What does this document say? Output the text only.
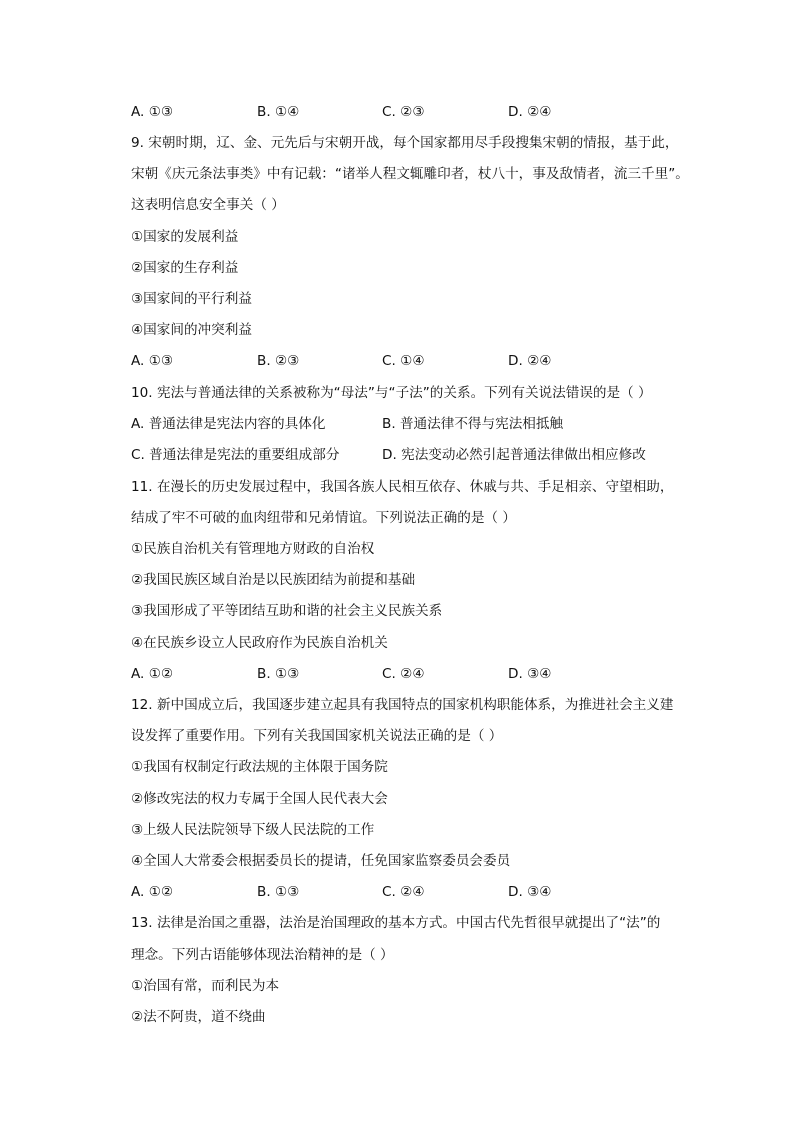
A. ①③	B. ①④	C. ②③	D. ②④
9. 宋朝时期，辽、金、元先后与宋朝开战，每个国家都用尽手段搜集宋朝的情报，基于此，
宋朝《庆元条法事类》中有记载：“诸举人程文辄雕印者，杖八十，事及敌情者，流三千里”。
这表明信息安全事关（ ）
①国家的发展利益
②国家的生存利益
③国家间的平行利益
④国家间的冲突利益
A. ①③	B. ②③	C. ①④	D. ②④
10. 宪法与普通法律的关系被称为“母法”与“子法”的关系。下列有关说法错误的是（ ）
A. 普通法律是宪法内容的具体化	B. 普通法律不得与宪法相抵触
C. 普通法律是宪法的重要组成部分	D. 宪法变动必然引起普通法律做出相应修改
11. 在漫长的历史发展过程中，我国各族人民相互依存、休戚与共、手足相亲、守望相助，
结成了牢不可破的血肉纽带和兄弟情谊。下列说法正确的是（ ）
①民族自治机关有管理地方财政的自治权
②我国民族区域自治是以民族团结为前提和基础
③我国形成了平等团结互助和谐的社会主义民族关系
④在民族乡设立人民政府作为民族自治机关
A. ①②	B. ①③	C. ②④	D. ③④
12. 新中国成立后，我国逐步建立起具有我国特点的国家机构职能体系，为推进社会主义建
设发挥了重要作用。下列有关我国国家机关说法正确的是（ ）
①我国有权制定行政法规的主体限于国务院
②修改宪法的权力专属于全国人民代表大会
③上级人民法院领导下级人民法院的工作
④全国人大常委会根据委员长的提请，任免国家监察委员会委员
A. ①②	B. ①③	C. ②④	D. ③④
13. 法律是治国之重器，法治是治国理政的基本方式。中国古代先哲很早就提出了“法”的
理念。下列古语能够体现法治精神的是（ ）
①治国有常，而利民为本
②法不阿贵，道不绕曲
